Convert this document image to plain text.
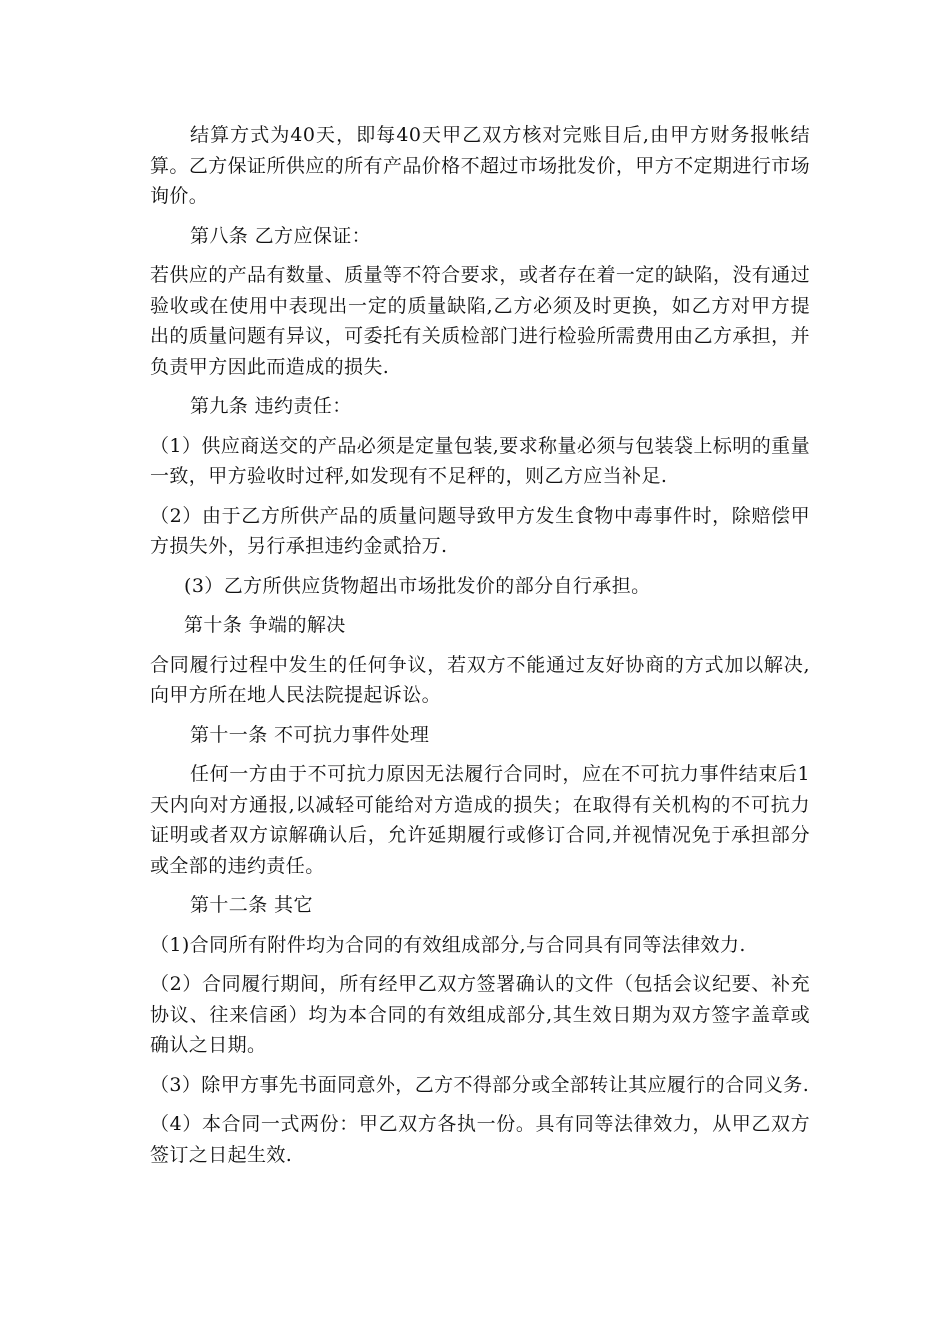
结算方式为40天，即每40天甲乙双方核对完账目后,由甲方财务报帐结算。乙方保证所供应的所有产品价格不超过市场批发价，甲方不定期进行市场询价。

第八条 乙方应保证：

若供应的产品有数量、质量等不符合要求，或者存在着一定的缺陷，没有通过验收或在使用中表现出一定的质量缺陷,乙方必须及时更换，如乙方对甲方提出的质量问题有异议，可委托有关质检部门进行检验所需费用由乙方承担，并负责甲方因此而造成的损失.

第九条 违约责任：

（1）供应商送交的产品必须是定量包装,要求称量必须与包装袋上标明的重量一致，甲方验收时过秤,如发现有不足秤的，则乙方应当补足.

（2）由于乙方所供产品的质量问题导致甲方发生食物中毒事件时，除赔偿甲方损失外，另行承担违约金贰拾万.

(3）乙方所供应货物超出市场批发价的部分自行承担。

第十条 争端的解决

合同履行过程中发生的任何争议，若双方不能通过友好协商的方式加以解决,向甲方所在地人民法院提起诉讼。

第十一条 不可抗力事件处理

任何一方由于不可抗力原因无法履行合同时，应在不可抗力事件结束后1天内向对方通报,以减轻可能给对方造成的损失；在取得有关机构的不可抗力证明或者双方谅解确认后，允许延期履行或修订合同,并视情况免于承担部分或全部的违约责任。

第十二条 其它

（1)合同所有附件均为合同的有效组成部分,与合同具有同等法律效力.

（2）合同履行期间，所有经甲乙双方签署确认的文件（包括会议纪要、补充协议、往来信函）均为本合同的有效组成部分,其生效日期为双方签字盖章或确认之日期。

（3）除甲方事先书面同意外，乙方不得部分或全部转让其应履行的合同义务.

（4）本合同一式两份：甲乙双方各执一份。具有同等法律效力，从甲乙双方签订之日起生效.
